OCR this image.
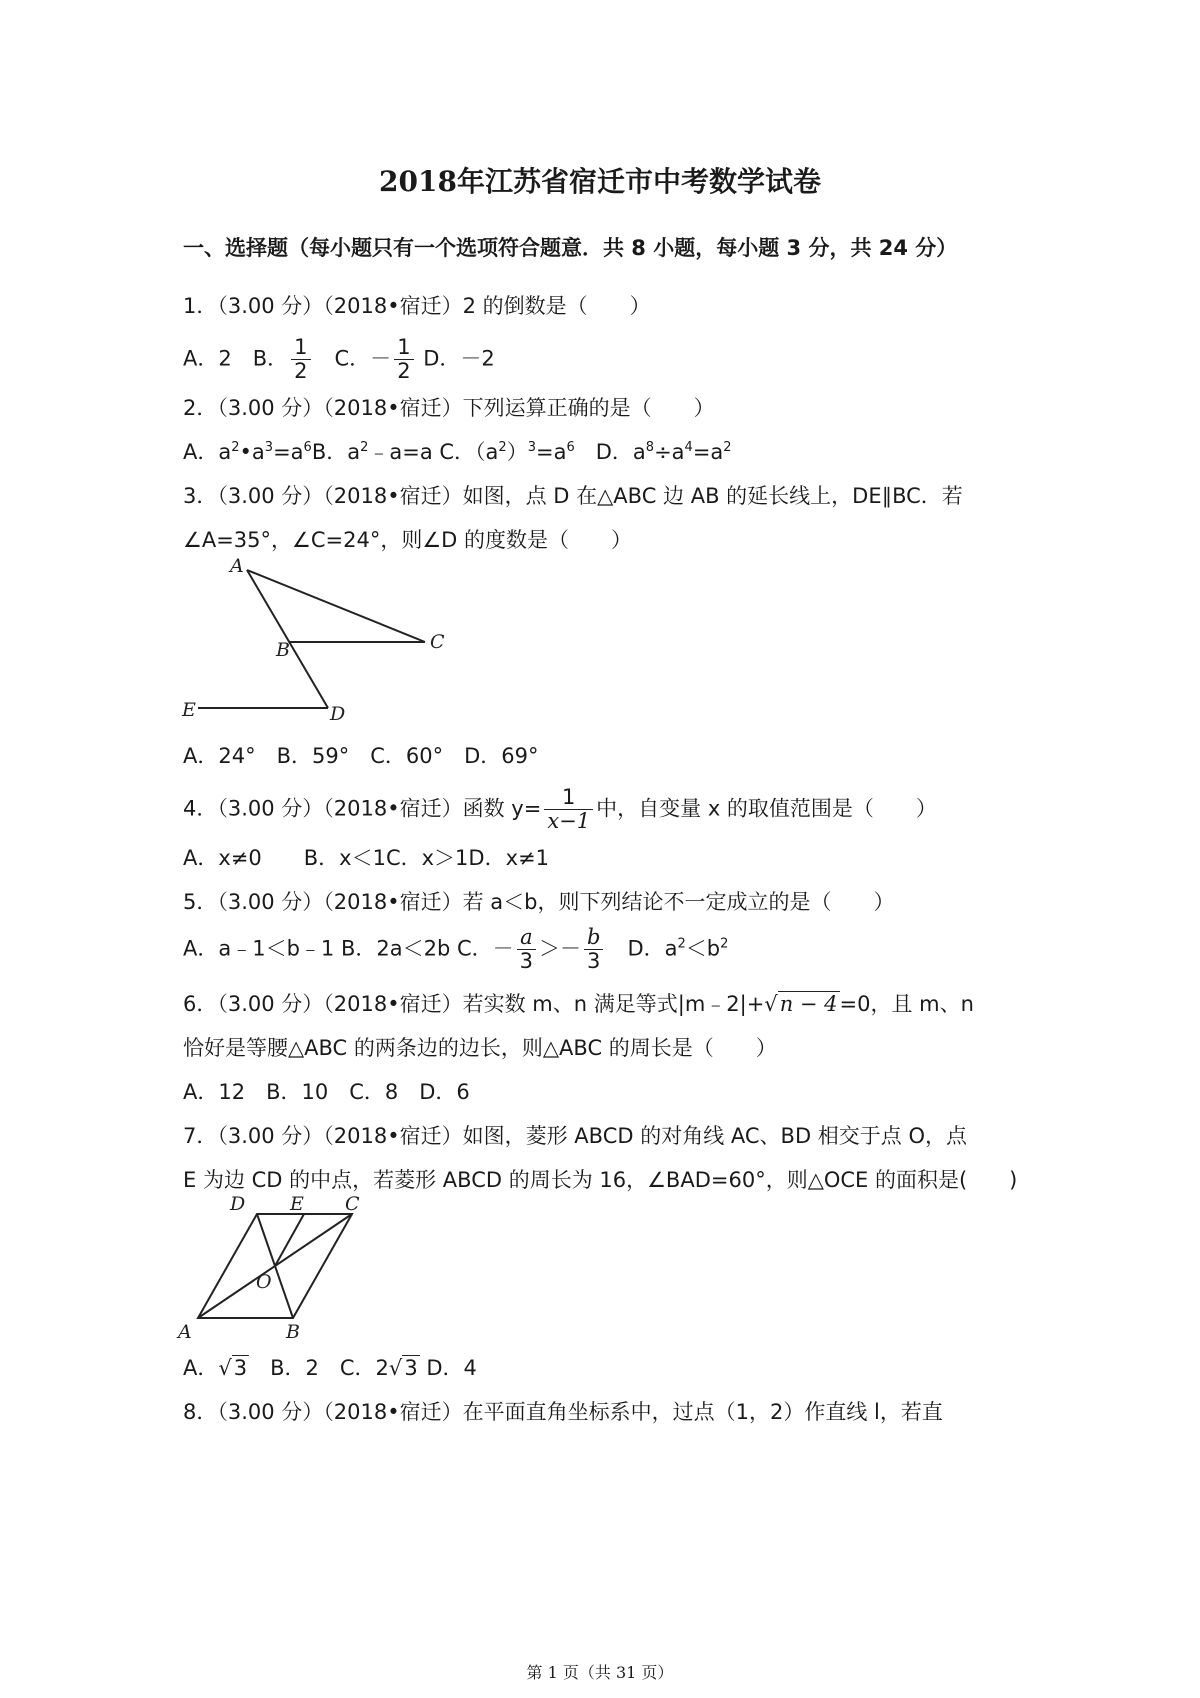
2018年江苏省宿迁市中考数学试卷
一、选择题（每小题只有一个选项符合题意．共 8 小题，每小题 3 分，共 24 分）
1．（3.00 分）（2018•宿迁）2 的倒数是（　　）
A．2　B． $\frac{1}{2}$ 　C．－ $\frac{1}{2}$ D．－2
2．（3.00 分）（2018•宿迁）下列运算正确的是（　　）
A．$a^2•a^3=a^6B$．$a^2﹣a=a$ C．$(a^2)^3=a^6$　D．$a^8\div a^4=a^2$
3．（3.00 分）（2018•宿迁）如图，点 D 在△ABC 边 AB 的延长线上，DE∥BC．若
∠A=35°，∠C=24°，则∠D 的度数是（　　）
A
B	C
D
E
A．24°　B．59°　C．60°　D．69°
4．（3.00 分）（2018•宿迁）函数 $y= \frac{1}{x-1}$ 中，自变量 x 的取值范围是（　　）
A．x≠0　　B．x＜1C．x＞1D．x≠1
5．（3.00 分）（2018•宿迁）若 a＜b，则下列结论不一定成立的是（　　）
A．a﹣1＜b﹣1 B．2a＜2b C．－ $\frac{a}{3} >- \frac{b}{3}$ 　D．$a^2<b^2$
6．（3.00 分）（2018•宿迁）若实数 m、n 满足等式|m﹣2|+√n − 4=0，且 m、n
恰好是等腰△ABC 的两条边的边长，则△ABC 的周长是（　　）
A．12　B．10　C．8　D．6
7．（3.00 分）（2018•宿迁）如图，菱形 ABCD 的对角线 AC、BD 相交于点 O，点
E 为边 CD 的中点，若菱形 ABCD 的周长为 16，∠BAD=60°，则△OCE 的面积是(　　)
D E C
O
A	B
A．√3　B．2　C．2√3 D．4
8．（3.00 分）（2018•宿迁）在平面直角坐标系中，过点（1，2）作直线 l，若直
第 1 页（共 31 页）
